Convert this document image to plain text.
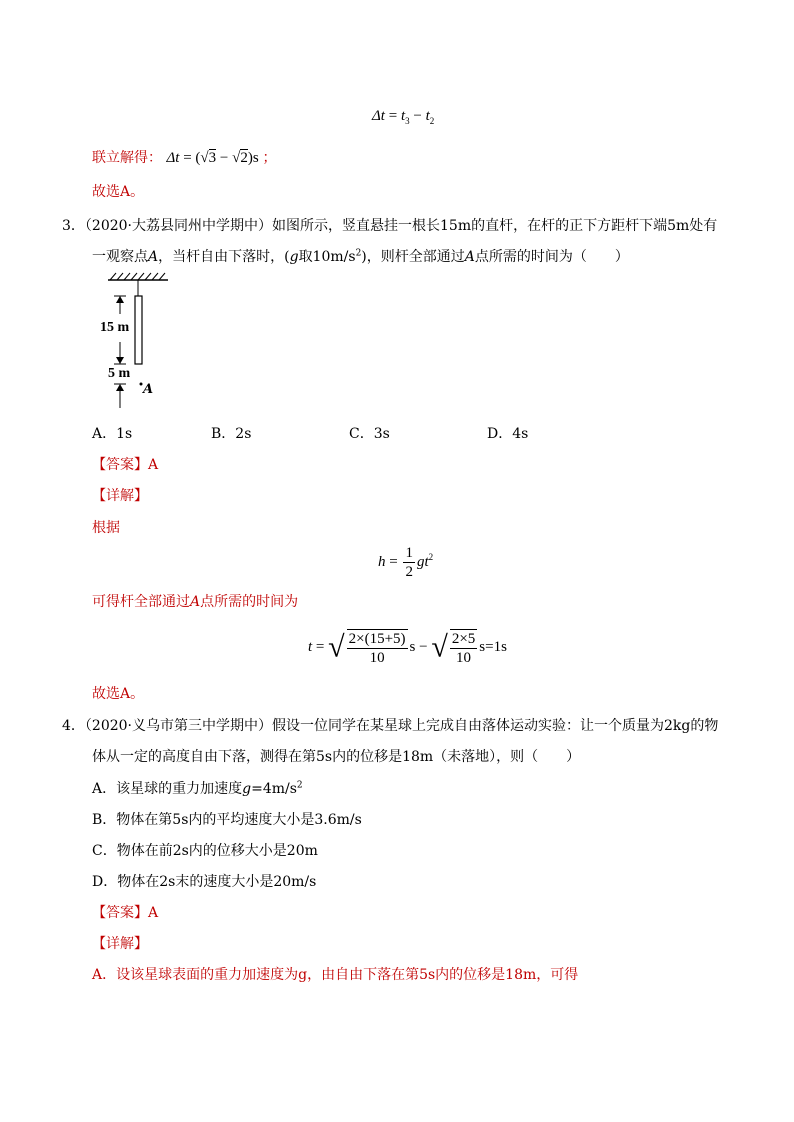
$\Delta t = t_3 - t_2$
联立解得： Δt = (√3 − √2)s ；
故选A。
3．（2020·大荔县同州中学期中）如图所示，竖直悬挂一根长15m的直杆，在杆的正下方距杆下端5m处有
一观察点A，当杆自由下落时，(g取$10m/s^2$)，则杆全部通过A点所需的时间为（　　）
15 m
5 m
A
A．1s	B．2s	C．3s	D．4s
【答案】A
【详解】
根据
$h = \frac{1}{2} gt^2$
可得杆全部通过A点所需的时间为
t = √ $\frac{2\times(15+5)}{10}$ s − √ $\frac{2\times 5}{10} s=1s$
故选A。
4．（2020·义乌市第三中学期中）假设一位同学在某星球上完成自由落体运动实验：让一个质量为2kg的物
体从一定的高度自由下落，测得在第5s内的位移是18m（未落地），则（　　）
A．该星球的重力加速度$g=4m/s^2$
B．物体在第5s内的平均速度大小是3.6m/s
C．物体在前2s内的位移大小是20m
D．物体在2s末的速度大小是20m/s
【答案】A
【详解】
A．设该星球表面的重力加速度为g，由自由下落在第5s内的位移是18m，可得
